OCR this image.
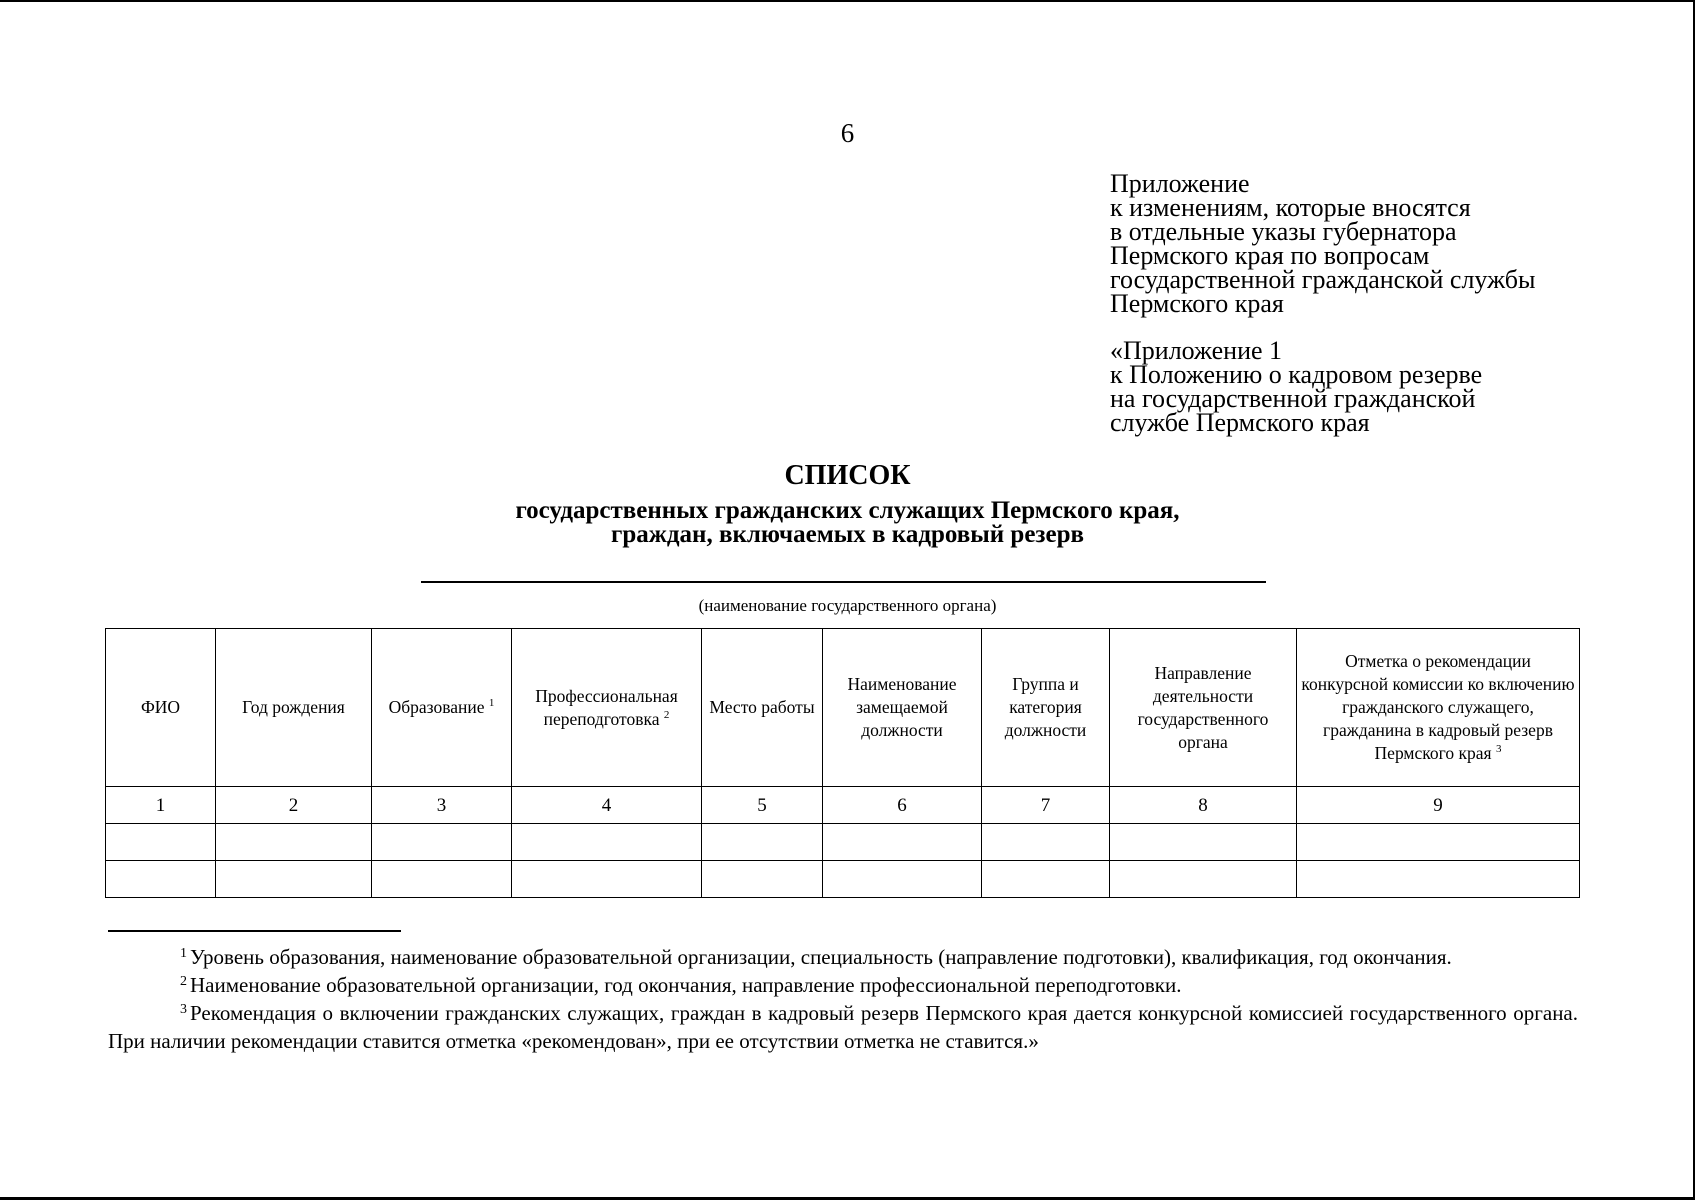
6
Приложение
к изменениям, которые вносятся
в отдельные указы губернатора
Пермского края по вопросам
государственной гражданской службы
Пермского края
«Приложение 1
к Положению о кадровом резерве
на государственной гражданской
службе Пермского края
СПИСОК
государственных гражданских служащих Пермского края,
граждан, включаемых в кадровый резерв
(наименование государственного органа)
ФИО	Год рождения	Образование $^1$	Профессиональная переподготовка $^2$	Место работы	Наименование замещаемой должности	Группа и категория должности	Направление деятельности государственного органа	Отметка о рекомендации конкурсной комиссии ко включению гражданского служащего, гражданина в кадровый резерв Пермского края $^3$
1	2	3	4	5	6	7	8	9

$^1$ Уровень образования, наименование образовательной организации, специальность (направление подготовки), квалификация, год окончания.

$^2$ Наименование образовательной организации, год окончания, направление профессиональной переподготовки.

$^3$ Рекомендация о включении гражданских служащих, граждан в кадровый резерв Пермского края дается конкурсной комиссией государственного органа. При наличии рекомендации ставится отметка «рекомендован», при ее отсутствии отметка не ставится.»
